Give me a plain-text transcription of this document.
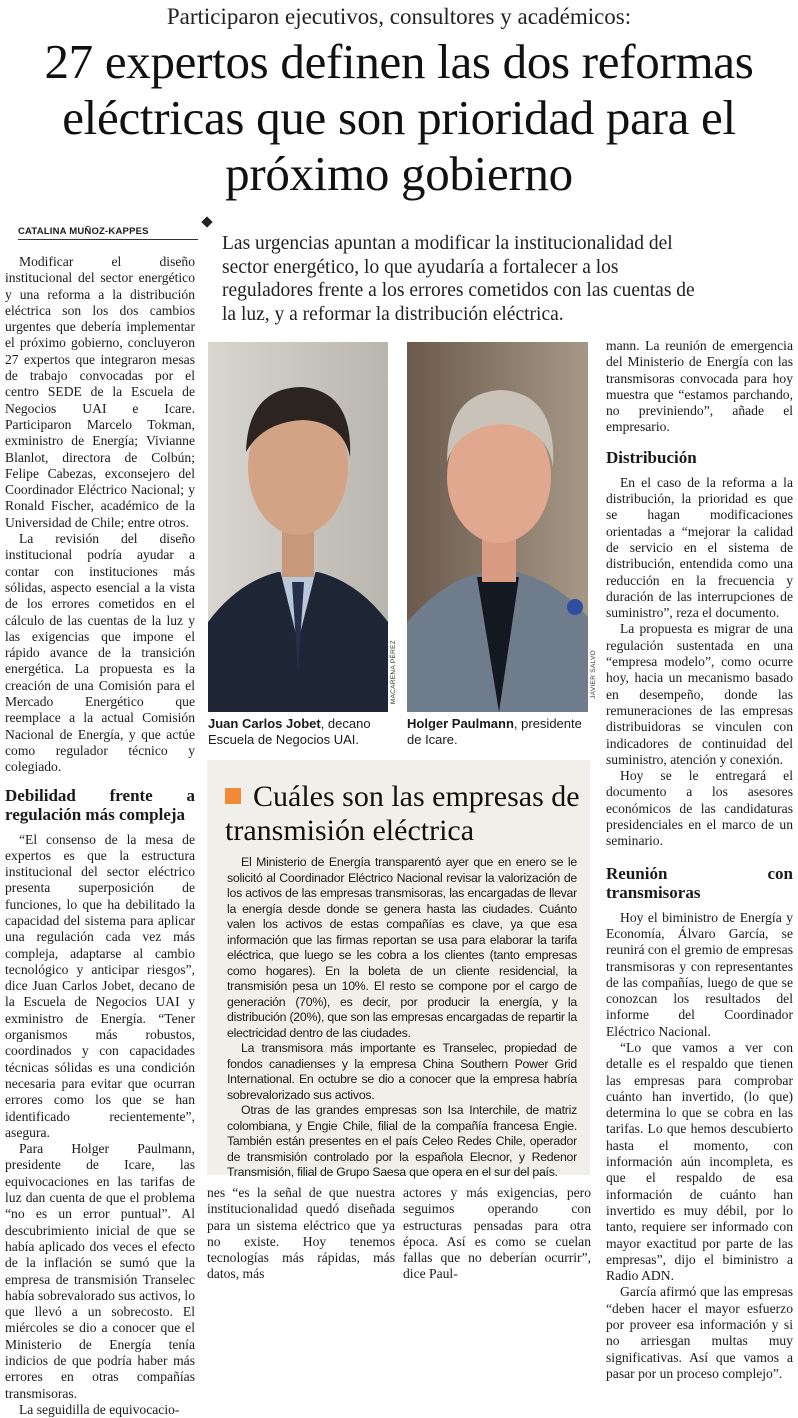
Participaron ejecutivos, consultores y académicos:
27 expertos definen las dos reformas eléctricas que son prioridad para el próximo gobierno
CATALINA MUÑOZ-KAPPES
Las urgencias apuntan a modificar la institucionalidad del sector energético, lo que ayudaría a fortalecer a los reguladores frente a los errores cometidos con las cuentas de la luz, y a reformar la distribución eléctrica.

Modificar el diseño institucional del sector energético y una reforma a la distribución eléctrica son los dos cambios urgentes que debería implementar el próximo gobierno, concluyeron 27 expertos que integraron mesas de trabajo convocadas por el centro SEDE de la Escuela de Negocios UAI e Icare. Participaron Marcelo Tokman, exministro de Energía; Vivianne Blanlot, directora de Colbún; Felipe Cabezas, exconsejero del Coordinador Eléctrico Nacional; y Ronald Fischer, académico de la Universidad de Chile; entre otros.

La revisión del diseño institucional podría ayudar a contar con instituciones más sólidas, aspecto esencial a la vista de los errores cometidos en el cálculo de las cuentas de la luz y las exigencias que impone el rápido avance de la transición energética. La propuesta es la creación de una Comisión para el Mercado Energético que reemplace a la actual Comisión Nacional de Energía, y que actúe como regulador técnico y colegiado.

Debilidad frente a regulación más compleja

“El consenso de la mesa de expertos es que la estructura institucional del sector eléctrico presenta superposición de funciones, lo que ha debilitado la capacidad del sistema para aplicar una regulación cada vez más compleja, adaptarse al cambio tecnológico y anticipar riesgos”, dice Juan Carlos Jobet, decano de la Escuela de Negocios UAI y exministro de Energía. “Tener organismos más robustos, coordinados y con capacidades técnicas sólidas es una condición necesaria para evitar que ocurran errores como los que se han identificado recientemente”, asegura.

Para Holger Paulmann, presidente de Icare, las equivocaciones en las tarifas de luz dan cuenta de que el problema “no es un error puntual”. Al descubrimiento inicial de que se había aplicado dos veces el efecto de la inflación se sumó que la empresa de transmisión Transelec había sobrevalorado sus activos, lo que llevó a un sobrecosto. El miércoles se dio a conocer que el Ministerio de Energía tenía indicios de que podría haber más errores en otras compañías transmisoras.

La seguidilla de equivocacio-

MACARENA PÉREZ	JAVIER SALVO
Juan Carlos Jobet, decano Escuela de Negocios UAI.
Holger Paulmann, presidente de Icare.
Cuáles son las empresas de transmisión eléctrica

El Ministerio de Energía transparentó ayer que en enero se le solicitó al Coordinador Eléctrico Nacional revisar la valorización de los activos de las empresas transmisoras, las encargadas de llevar la energía desde donde se genera hasta las ciudades. Cuánto valen los activos de estas compañías es clave, ya que esa información que las firmas reportan se usa para elaborar la tarifa eléctrica, que luego se les cobra a los clientes (tanto empresas como hogares). En la boleta de un cliente residencial, la transmisión pesa un 10%. El resto se compone por el cargo de generación (70%), es decir, por producir la energía, y la distribución (20%), que son las empresas encargadas de repartir la electricidad dentro de las ciudades.

La transmisora más importante es Transelec, propiedad de fondos canadienses y la empresa China Southern Power Grid International. En octubre se dio a conocer que la empresa habría sobrevalorizado sus activos.

Otras de las grandes empresas son Isa Interchile, de matriz colombiana, y Engie Chile, filial de la compañía francesa Engie. También están presentes en el país Celeo Redes Chile, operador de transmisión controlado por la española Elecnor, y Redenor Transmisión, filial de Grupo Saesa que opera en el sur del país.

nes “es la señal de que nuestra institucionalidad quedó diseñada para un sistema eléctrico que ya no existe. Hoy tenemos tecnologías más rápidas, más datos, más
actores y más exigencias, pero seguimos operando con estructuras pensadas para otra época. Así es como se cuelan fallas que no deberían ocurrir”, dice Paul-
mann. La reunión de emergencia del Ministerio de Energía con las transmisoras convocada para hoy muestra que “estamos parchando, no previniendo”, añade el empresario.
Distribución

En el caso de la reforma a la distribución, la prioridad es que se hagan modificaciones orientadas a “mejorar la calidad de servicio en el sistema de distribución, entendida como una reducción en la frecuencia y duración de las interrupciones de suministro”, reza el documento.

La propuesta es migrar de una regulación sustentada en una “empresa modelo”, como ocurre hoy, hacia un mecanismo basado en desempeño, donde las remuneraciones de las empresas distribuidoras se vinculen con indicadores de continuidad del suministro, atención y conexión.

Hoy se le entregará el documento a los asesores económicos de las candidaturas presidenciales en el marco de un seminario.

Reunión con transmisoras

Hoy el biministro de Energía y Economía, Álvaro García, se reunirá con el gremio de empresas transmisoras y con representantes de las compañías, luego de que se conozcan los resultados del informe del Coordinador Eléctrico Nacional.

“Lo que vamos a ver con detalle es el respaldo que tienen las empresas para comprobar cuánto han invertido, (lo que) determina lo que se cobra en las tarifas. Lo que hemos descubierto hasta el momento, con información aún incompleta, es que el respaldo de esa información de cuánto han invertido es muy débil, por lo tanto, requiere ser informado con mayor exactitud por parte de las empresas”, dijo el biministro a Radio ADN.

García afirmó que las empresas “deben hacer el mayor esfuerzo por proveer esa información y si no arriesgan multas muy significativas. Así que vamos a pasar por un proceso complejo”.
